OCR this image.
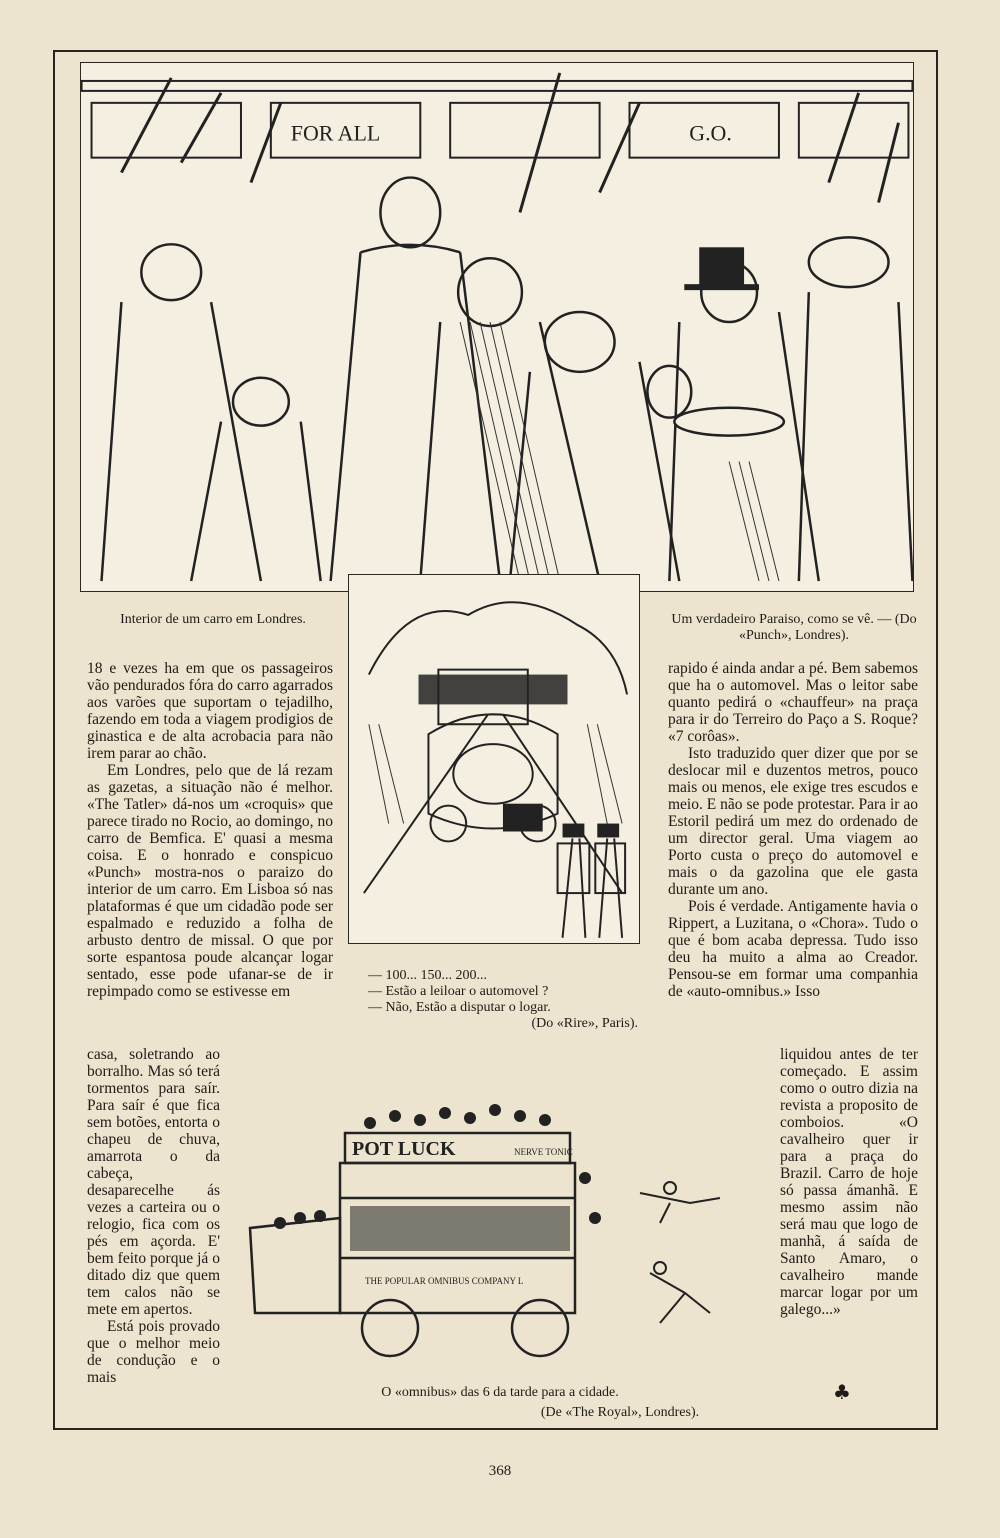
FOR ALL	G.O.
Interior de um carro em Londres.	Um verdadeiro Paraiso, como se vê. — (Do «Punch», Londres).
— 100... 150... 200...
— Estão a leiloar o automovel ?
— Não, Estão a disputar o logar.
(Do «Rire», Paris).

18 e vezes ha em que os passageiros vão pendurados fóra do carro agarrados aos varões que suportam o tejadilho, fazendo em toda a viagem prodigios de ginastica e de alta acrobacia para não irem parar ao chão.

Em Londres, pelo que de lá rezam as gazetas, a situação não é melhor. «The Tatler» dá-nos um «croquis» que parece tirado no Rocio, ao domingo, no carro de Bemfica. E' quasi a mesma coisa. E o honrado e conspicuo «Punch» mostra-nos o paraizo do interior de um carro. Em Lisboa só nas plataformas é que um cidadão pode ser espalmado e reduzido a folha de arbusto dentro de missal. O que por sorte espantosa poude alcançar logar sentado, esse pode ufanar-se de ir repimpado como se estivesse em

casa, soletrando ao borralho. Mas só terá tormentos para saír. Para saír é que fica sem botões, entorta o chapeu de chuva, amarrota o da cabeça, desaparecelhe ás vezes a carteira ou o relogio, fica com os pés em açorda. E' bem feito porque já o ditado diz que quem tem calos não se mete em apertos.

Está pois provado que o melhor meio de condução e o mais

rapido é ainda andar a pé. Bem sabemos que ha o automovel. Mas o leitor sabe quanto pedirá o «chauffeur» na praça para ir do Terreiro do Paço a S. Roque? «7 corôas».

Isto traduzido quer dizer que por se deslocar mil e duzentos metros, pouco mais ou menos, ele exige tres escudos e meio. E não se pode protestar. Para ir ao Estoril pedirá um mez do ordenado de um director geral. Uma viagem ao Porto custa o preço do automovel e mais o da gazolina que ele gasta durante um ano.

Pois é verdade. Antigamente havia o Rippert, a Luzitana, o «Chora». Tudo o que é bom acaba depressa. Tudo isso deu ha muito a alma ao Creador. Pensou-se em formar uma companhia de «auto-omnibus.» Isso

liquidou antes de ter começado. E assim como o outro dizia na revista a proposito de comboios. «O cavalheiro quer ir para a praça do Brazil. Carro de hoje só passa ámanhã. E mesmo assim não será mau que logo de manhã, á saída de Santo Amaro, o cavalheiro mande marcar logar por um galego...»

POT LUCK	NERVE TONIC
THE POPULAR OMNIBUS COMPANY L
O «omnibus» das 6 da tarde para a cidade.
(De «The Royal», Londres).
♣
368
